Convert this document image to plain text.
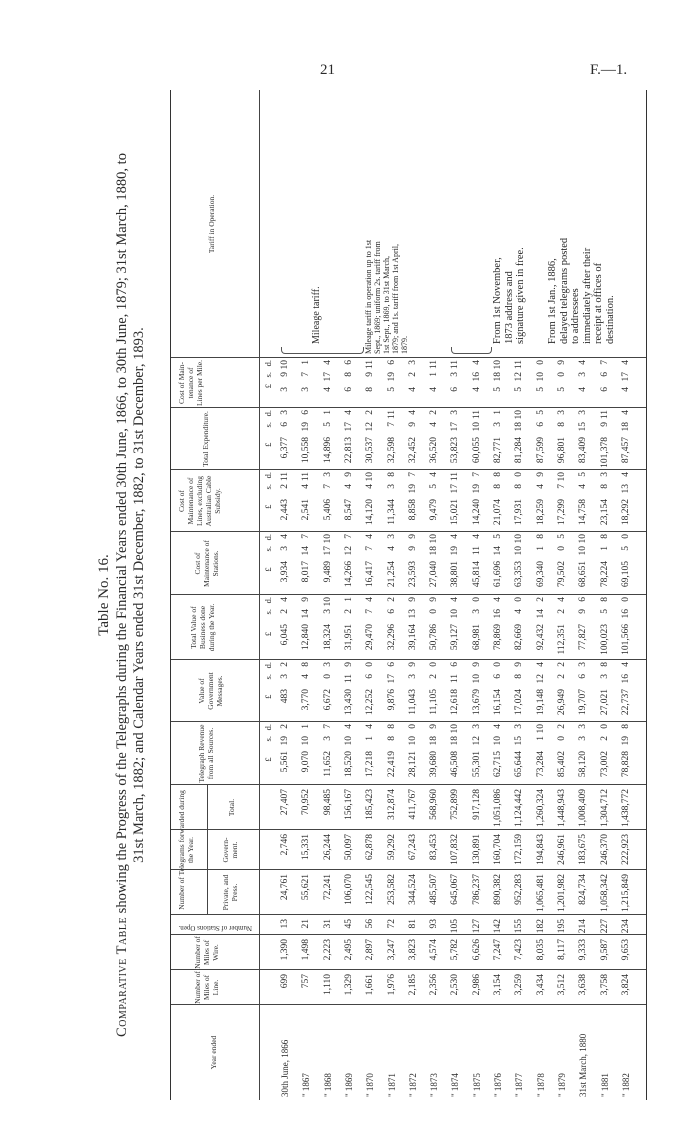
21	F.—1.
Table No. 16.
Comparative Table showing the Progress of the Telegraphs during the Financial Years ended 30th June, 1866, to 30th June, 1879; 31st March, 1880, to 31st March, 1882; and Calendar Years ended 31st December, 1882, to 31st December, 1893.
Year ended
Number of Miles of Line.
Number of Miles of Wire.
Number of Stations Open.
Number of Telegrams forwarded during the Year.
Private, and Press.
Govern-ment.
Total.
Telegraph Revenue from all Sources.
Value of Government Messages.
Total Value of Business done during the Year.
Cost of Maintenance of Stations.
Cost of Maintenance of Lines, excluding Australian Cable Subsidy.
Total Expenditure.
Cost of Main-tenance of Lines per Mile.
Tariff in Operation.
£
s.
d.
£
s.
d.
£
s.
d.
£
s.
d.
£
s.
d.
£
s.
d.
£
s.
d.
30th June, 1866
699
1,390
13
24,761
2,746
27,407
5,561
19
2
483
3
2
6,045
2
4
3,934
3
4
2,443
2
11
6,377
6
3
3
9
10
" 1867
757
1,498
21
55,621
15,331
70,952
9,070
10
1
3,770
4
8
12,840
14
9
8,017
14
7
2,541
4
11
10,558
19
6
3
7
1
" 1868
1,110
2,223
31
72,241
26,244
98,485
11,652
3
7
6,672
0
3
18,324
3
10
9,489
17
10
5,406
7
3
14,896
5
1
4
17
4
" 1869
1,329
2,495
45
106,070
50,097
156,167
18,520
10
4
13,430
11
9
31,951
2
1
14,266
12
7
8,547
4
9
22,813
17
4
6
8
6
" 1870
1,661
2,897
56
122,545
62,878
185,423
17,218
1
4
12,252
6
0
29,470
7
4
16,417
7
4
14,120
4
10
30,537
12
2
8
9
11
" 1871
1,976
3,247
72
253,582
59,292
312,874
22,419
8
8
9,876
17
6
32,296
6
2
21,254
4
3
11,344
3
8
32,598
7
11
5
19
6
" 1872
2,185
3,823
81
344,524
67,243
411,767
28,121
10
0
11,043
3
9
39,164
13
9
23,593
9
9
8,858
19
7
32,452
9
4
4
2
3
" 1873
2,356
4,574
93
485,507
83,453
568,960
39,680
18
9
11,105
2
0
50,786
0
9
27,040
18
10
9,479
5
4
36,520
4
2
4
1
11
" 1874
2,530
5,782
105
645,067
107,832
752,899
46,508
18
10
12,618
11
6
59,127
10
4
38,801
19
4
15,021
17
11
53,823
17
3
6
3
11
" 1875
2,986
6,626
127
786,237
130,891
917,128
55,301
12
3
13,679
10
9
68,981
3
0
45,814
11
4
14,240
19
7
60,055
10
11
4
16
4
" 1876
3,154
7,247
142
890,382
160,704
1,051,086
62,715
10
4
16,154
6
0
78,869
16
4
61,696
14
5
21,074
8
8
82,771
3
1
5
18
10
" 1877
3,259
7,423
155
952,283
172,159
1,124,442
65,644
15
3
17,024
8
9
82,669
4
0
63,353
10
10
17,931
8
0
81,284
18
10
5
12
11
" 1878
3,434
8,035
182
1,065,481
194,843
1,260,324
73,284
1
10
19,148
12
4
92,432
14
2
69,340
1
8
18,259
4
9
87,599
6
5
5
10
0
" 1879
3,512
8,117
195
1,201,982
246,961
1,448,943
85,402
0
2
26,949
2
2
112,351
2
4
79,502
0
5
17,299
7
10
96,801
8
3
5
0
9
31st March, 1880
3,638
9,333
214
824,734
183,675
1,008,409
58,120
3
3
19,707
6
3
77,827
9
6
68,651
10
10
14,758
4
5
83,409
15
3
4
3
4
" 1881
3,758
9,587
227
1,058,342
246,370
1,304,712
73,002
2
0
27,021
3
8
100,023
5
8
78,224
1
8
23,154
8
3
101,378
9
11
6
6
7
" 1882
3,824
9,653
234
1,215,849
222,923
1,438,772
78,828
19
8
22,737
16
4
101,566
16
0
69,105
5
0
18,292
13
4
87,457
18
4
4
17
4
Mileage tariff.	Mileage tariff in operation up to 1st Sept., 1869; uniform 2s. tariff from 1st Sept., 1869, to 31st March, 1879; and 1s. tariff from 1st April, 1879.
From 1st November, 1873 address and signature given in free. From 1st Jan., 1886, delayed telegrams posted to addressees immediately after their receipt at offices of destination.
